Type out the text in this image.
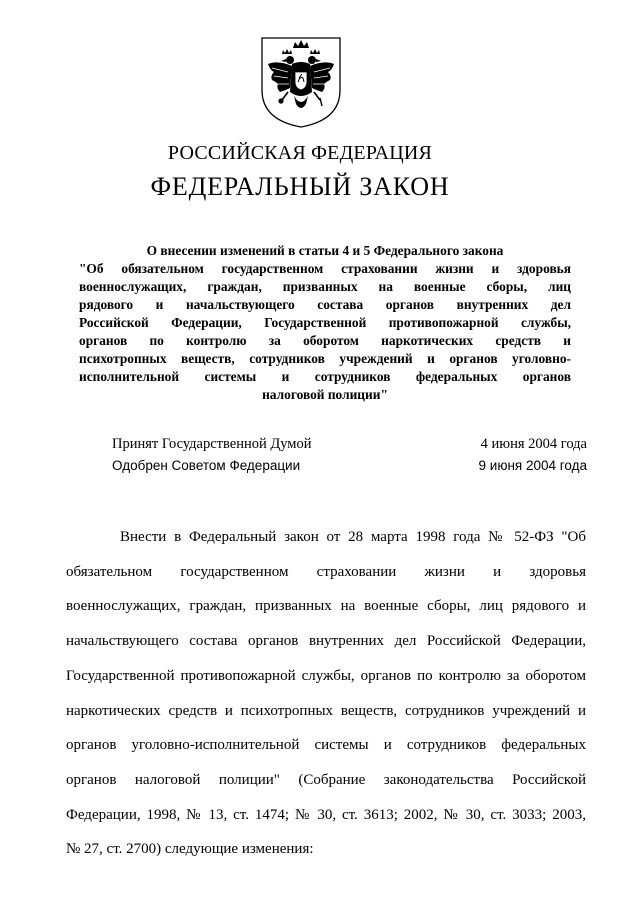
РОССИЙСКАЯ ФЕДЕРАЦИЯ
ФЕДЕРАЛЬНЫЙ ЗАКОН
О внесении изменений в статьи 4 и 5 Федерального закона
"Об обязательном государственном страховании жизни и здоровья
военнослужащих, граждан, призванных на военные сборы, лиц
рядового и начальствующего состава органов внутренних дел
Российской Федерации, Государственной противопожарной службы,
органов по контролю за оборотом наркотических средств и
психотропных веществ, сотрудников учреждений и органов уголовно-
исполнительной системы и сотрудников федеральных органов
налоговой полиции"
Принят Государственной Думой	4 июня 2004 года
Одобрен Советом Федерации	9 июня 2004 года
Внести в Федеральный закон от 28 марта 1998 года № 52-ФЗ "Об
обязательном государственном страховании жизни и здоровья
военнослужащих, граждан, призванных на военные сборы, лиц рядового и
начальствующего состава органов внутренних дел Российской Федерации,
Государственной противопожарной службы, органов по контролю за оборотом
наркотических средств и психотропных веществ, сотрудников учреждений и
органов уголовно-исполнительной системы и сотрудников федеральных
органов налоговой полиции" (Собрание законодательства Российской
Федерации, 1998, № 13, ст. 1474; № 30, ст. 3613; 2002, № 30, ст. 3033; 2003,
№ 27, ст. 2700) следующие изменения:
